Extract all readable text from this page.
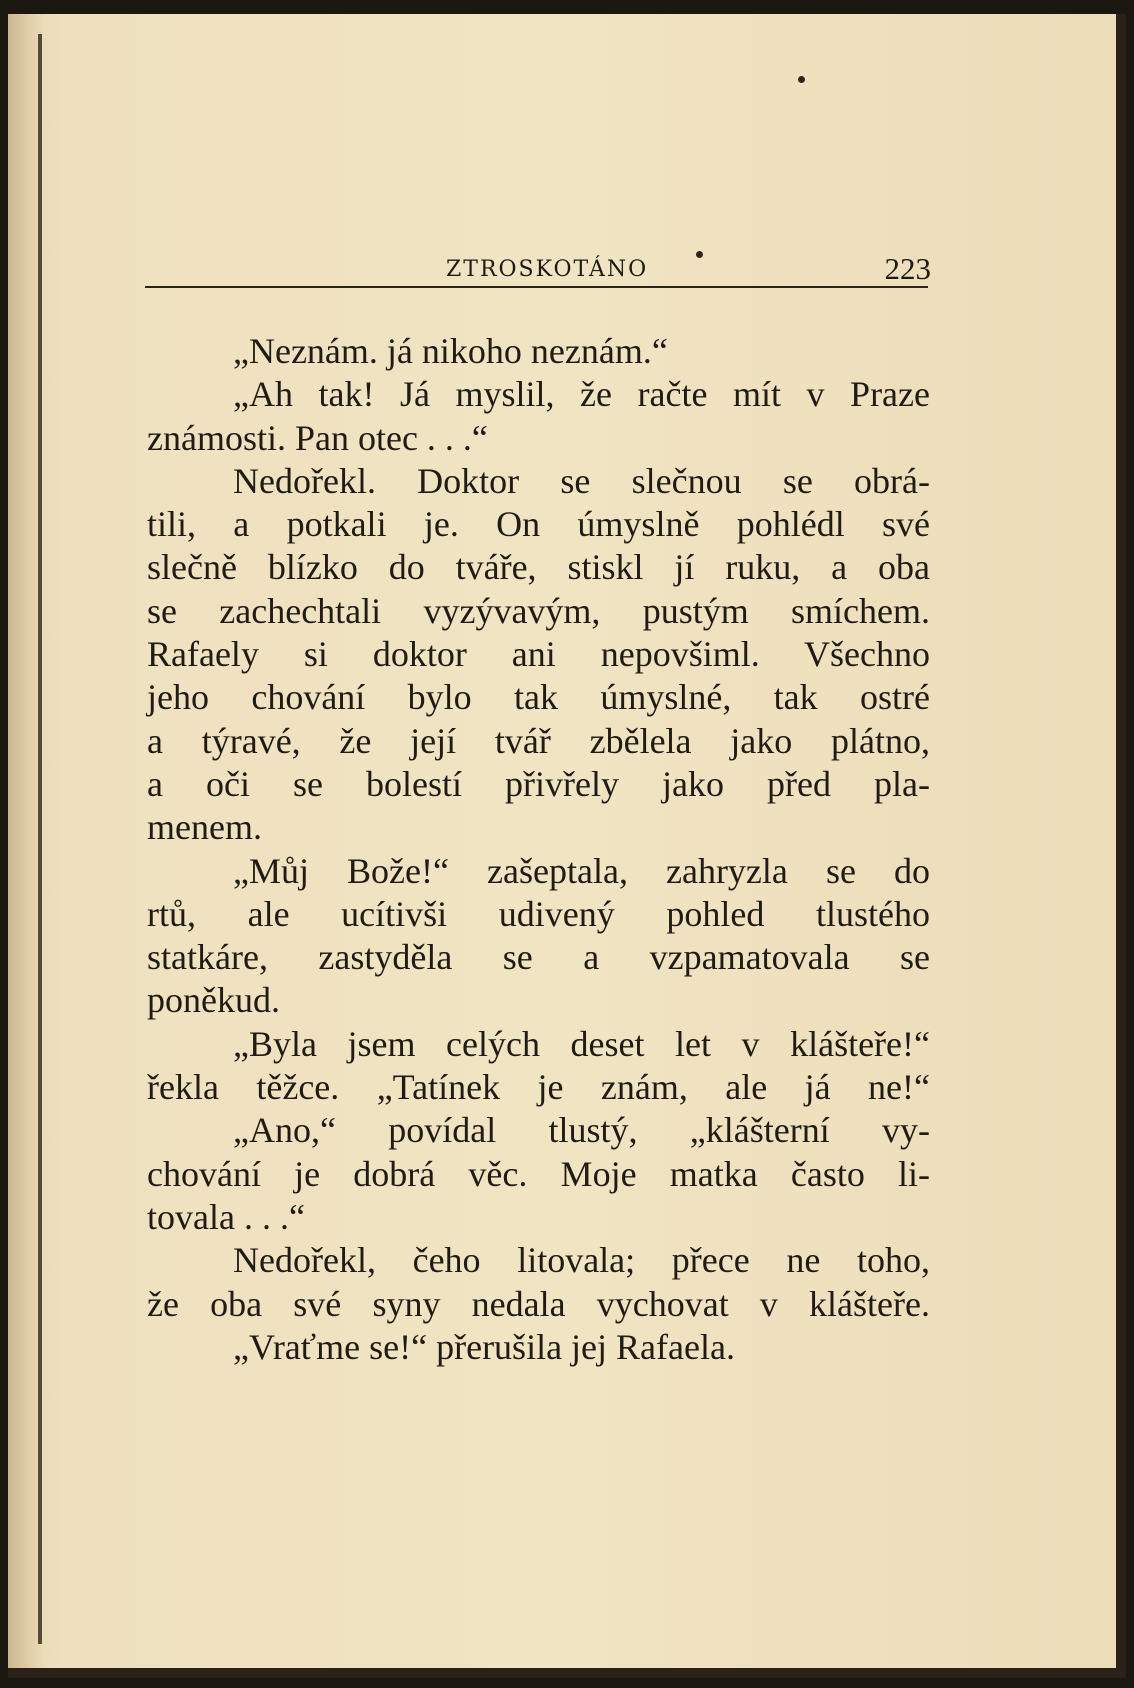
ZTROSKOTÁNO	223
„Neznám. já nikoho neznám.“
„Ah tak! Já myslil, že račte mít v Praze
známosti. Pan otec . . .“
Nedořekl. Doktor se slečnou se obrá-
tili, a potkali je. On úmyslně pohlédl své
slečně blízko do tváře, stiskl jí ruku, a oba
se zachechtali vyzývavým, pustým smíchem.
Rafaely si doktor ani nepovšiml. Všechno
jeho chování bylo tak úmyslné, tak ostré
a týravé, že její tvář zbělela jako plátno,
a oči se bolestí přivřely jako před pla-
menem.
„Můj Bože!“ zašeptala, zahryzla se do
rtů, ale ucítivši udivený pohled tlustého
statkáre, zastyděla se a vzpamatovala se
poněkud.
„Byla jsem celých deset let v klášteře!“
řekla těžce. „Tatínek je znám, ale já ne!“
„Ano,“ povídal tlustý, „klášterní vy-
chování je dobrá věc. Moje matka často li-
tovala . . .“
Nedořekl, čeho litovala; přece ne toho,
že oba své syny nedala vychovat v klášteře.
„Vraťme se!“ přerušila jej Rafaela.
